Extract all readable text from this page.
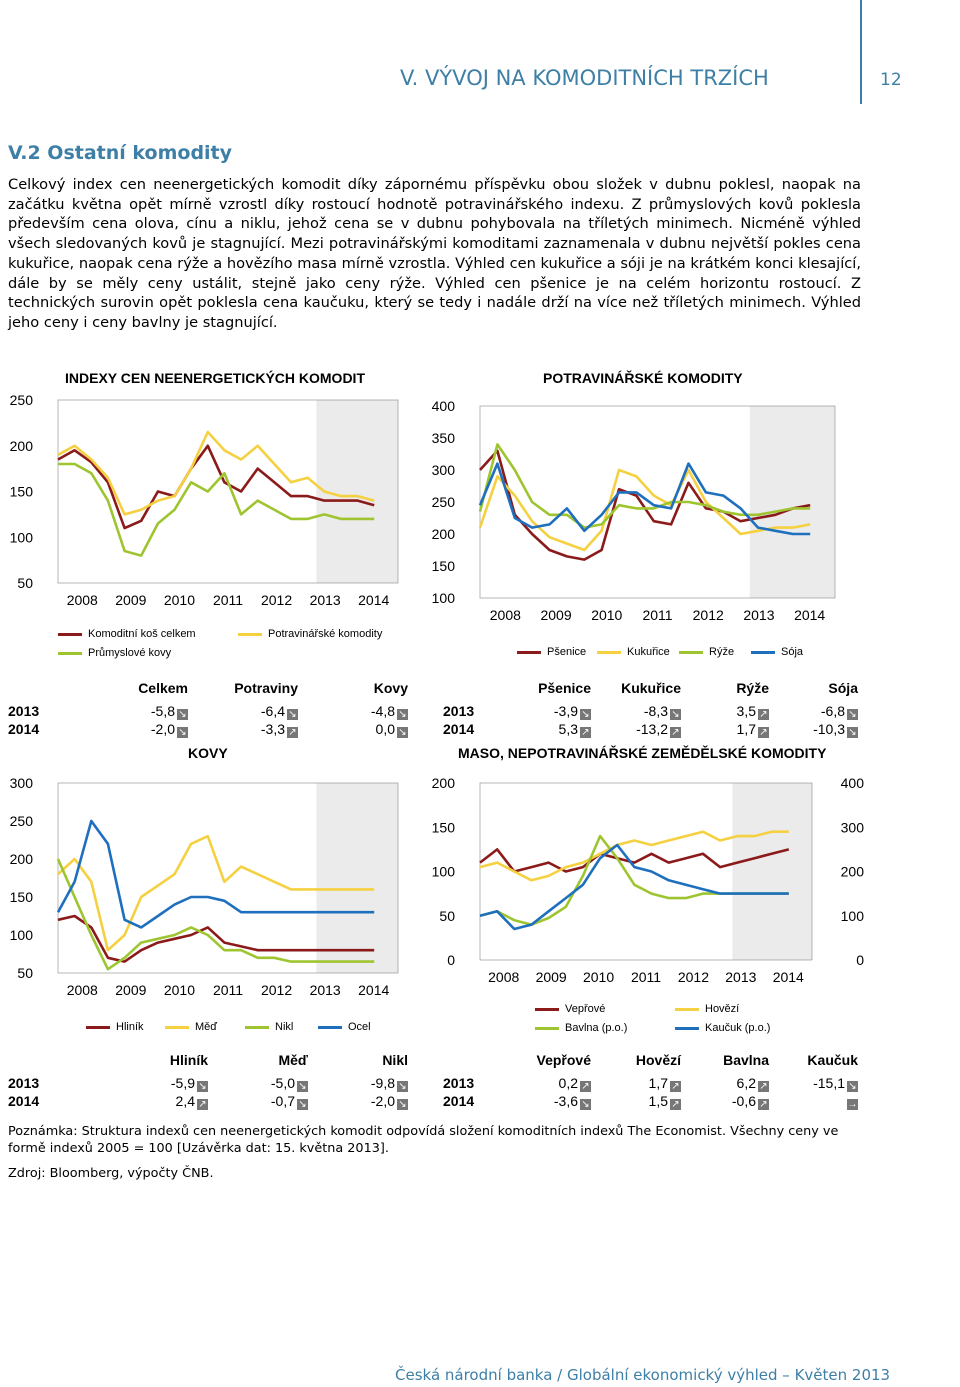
V. VÝVOJ NA KOMODITNÍCH TRZÍCH	12
V.2 Ostatní komodity
Celkový index cen neenergetických komodit díky zápornému příspěvku obou složek v dubnu poklesl, naopak na začátku května opět mírně vzrostl díky rostoucí hodnotě potravinářského indexu. Z průmyslových kovů poklesla především cena olova, cínu a niklu, jehož cena se v dubnu pohybovala na tříletých minimech. Nicméně výhled všech sledovaných kovů je stagnující. Mezi potravinářskými komoditami zaznamenala v dubnu největší pokles cena kukuřice, naopak cena rýže a hovězího masa mírně vzrostla. Výhled cen kukuřice a sóji je na krátkém konci klesající, dále by se měly ceny ustálit, stejně jako ceny rýže. Výhled cen pšenice je na celém horizontu rostoucí. Z technických surovin opět poklesla cena kaučuku, který se tedy i nadále drží na více než tříletých minimech. Výhled jeho ceny i ceny bavlny je stagnující.
INDEXY CEN NEENERGETICKÝCH KOMODIT
50
100
150
200
250
2008 2009 2010 2011 2012 2013 2014
Komoditní koš celkem	Potravinářské komodity
Průmyslové kovy
POTRAVINÁŘSKÉ KOMODITY
100
150
200
250
300
350
400
2008 2009 2010 2011 2012 2013 2014
Pšenice	Kukuřice	Rýže	Sója
	Celkem	Potraviny	Kovy
2013	-5,8 ↘	-6,4 ↘	-4,8 ↘
2014	-2,0 ↘	-3,3 ↗	0,0 ↘
	Pšenice	Kukuřice	Rýže	Sója
2013	-3,9 ↘	-8,3 ↘	3,5 ↗	-6,8 ↘
2014	5,3 ↗	-13,2 ↗	1,7 ↗	-10,3 ↘
KOVY
50
100
150
200
250
300
2008 2009 2010 2011 2012 2013 2014
Hliník	Měď	Nikl	Ocel
MASO, NEPOTRAVINÁŘSKÉ ZEMĚDĚLSKÉ KOMODITY
0
50
100
150
200
0
100
200
300
400
2008 2009 2010 2011 2012 2013 2014
Vepřové	Hovězí
Bavlna (p.o.)	Kaučuk (p.o.)
	Hliník	Měď	Nikl
2013	-5,9 ↘	-5,0 ↘	-9,8 ↘
2014	2,4 ↗	-0,7 ↘	-2,0 ↘
	Vepřové	Hovězí	Bavlna	Kaučuk
2013	0,2 ↗	1,7 ↗	6,2 ↗	-15,1 ↘
2014	-3,6 ↘	1,5 ↗	-0,6 ↗	→
Poznámka: Struktura indexů cen neenergetických komodit odpovídá složení komoditních indexů The Economist. Všechny ceny ve formě indexů 2005 = 100 [Uzávěrka dat: 15. května 2013].
Zdroj: Bloomberg, výpočty ČNB.
Česká národní banka / Globální ekonomický výhled – Květen 2013
